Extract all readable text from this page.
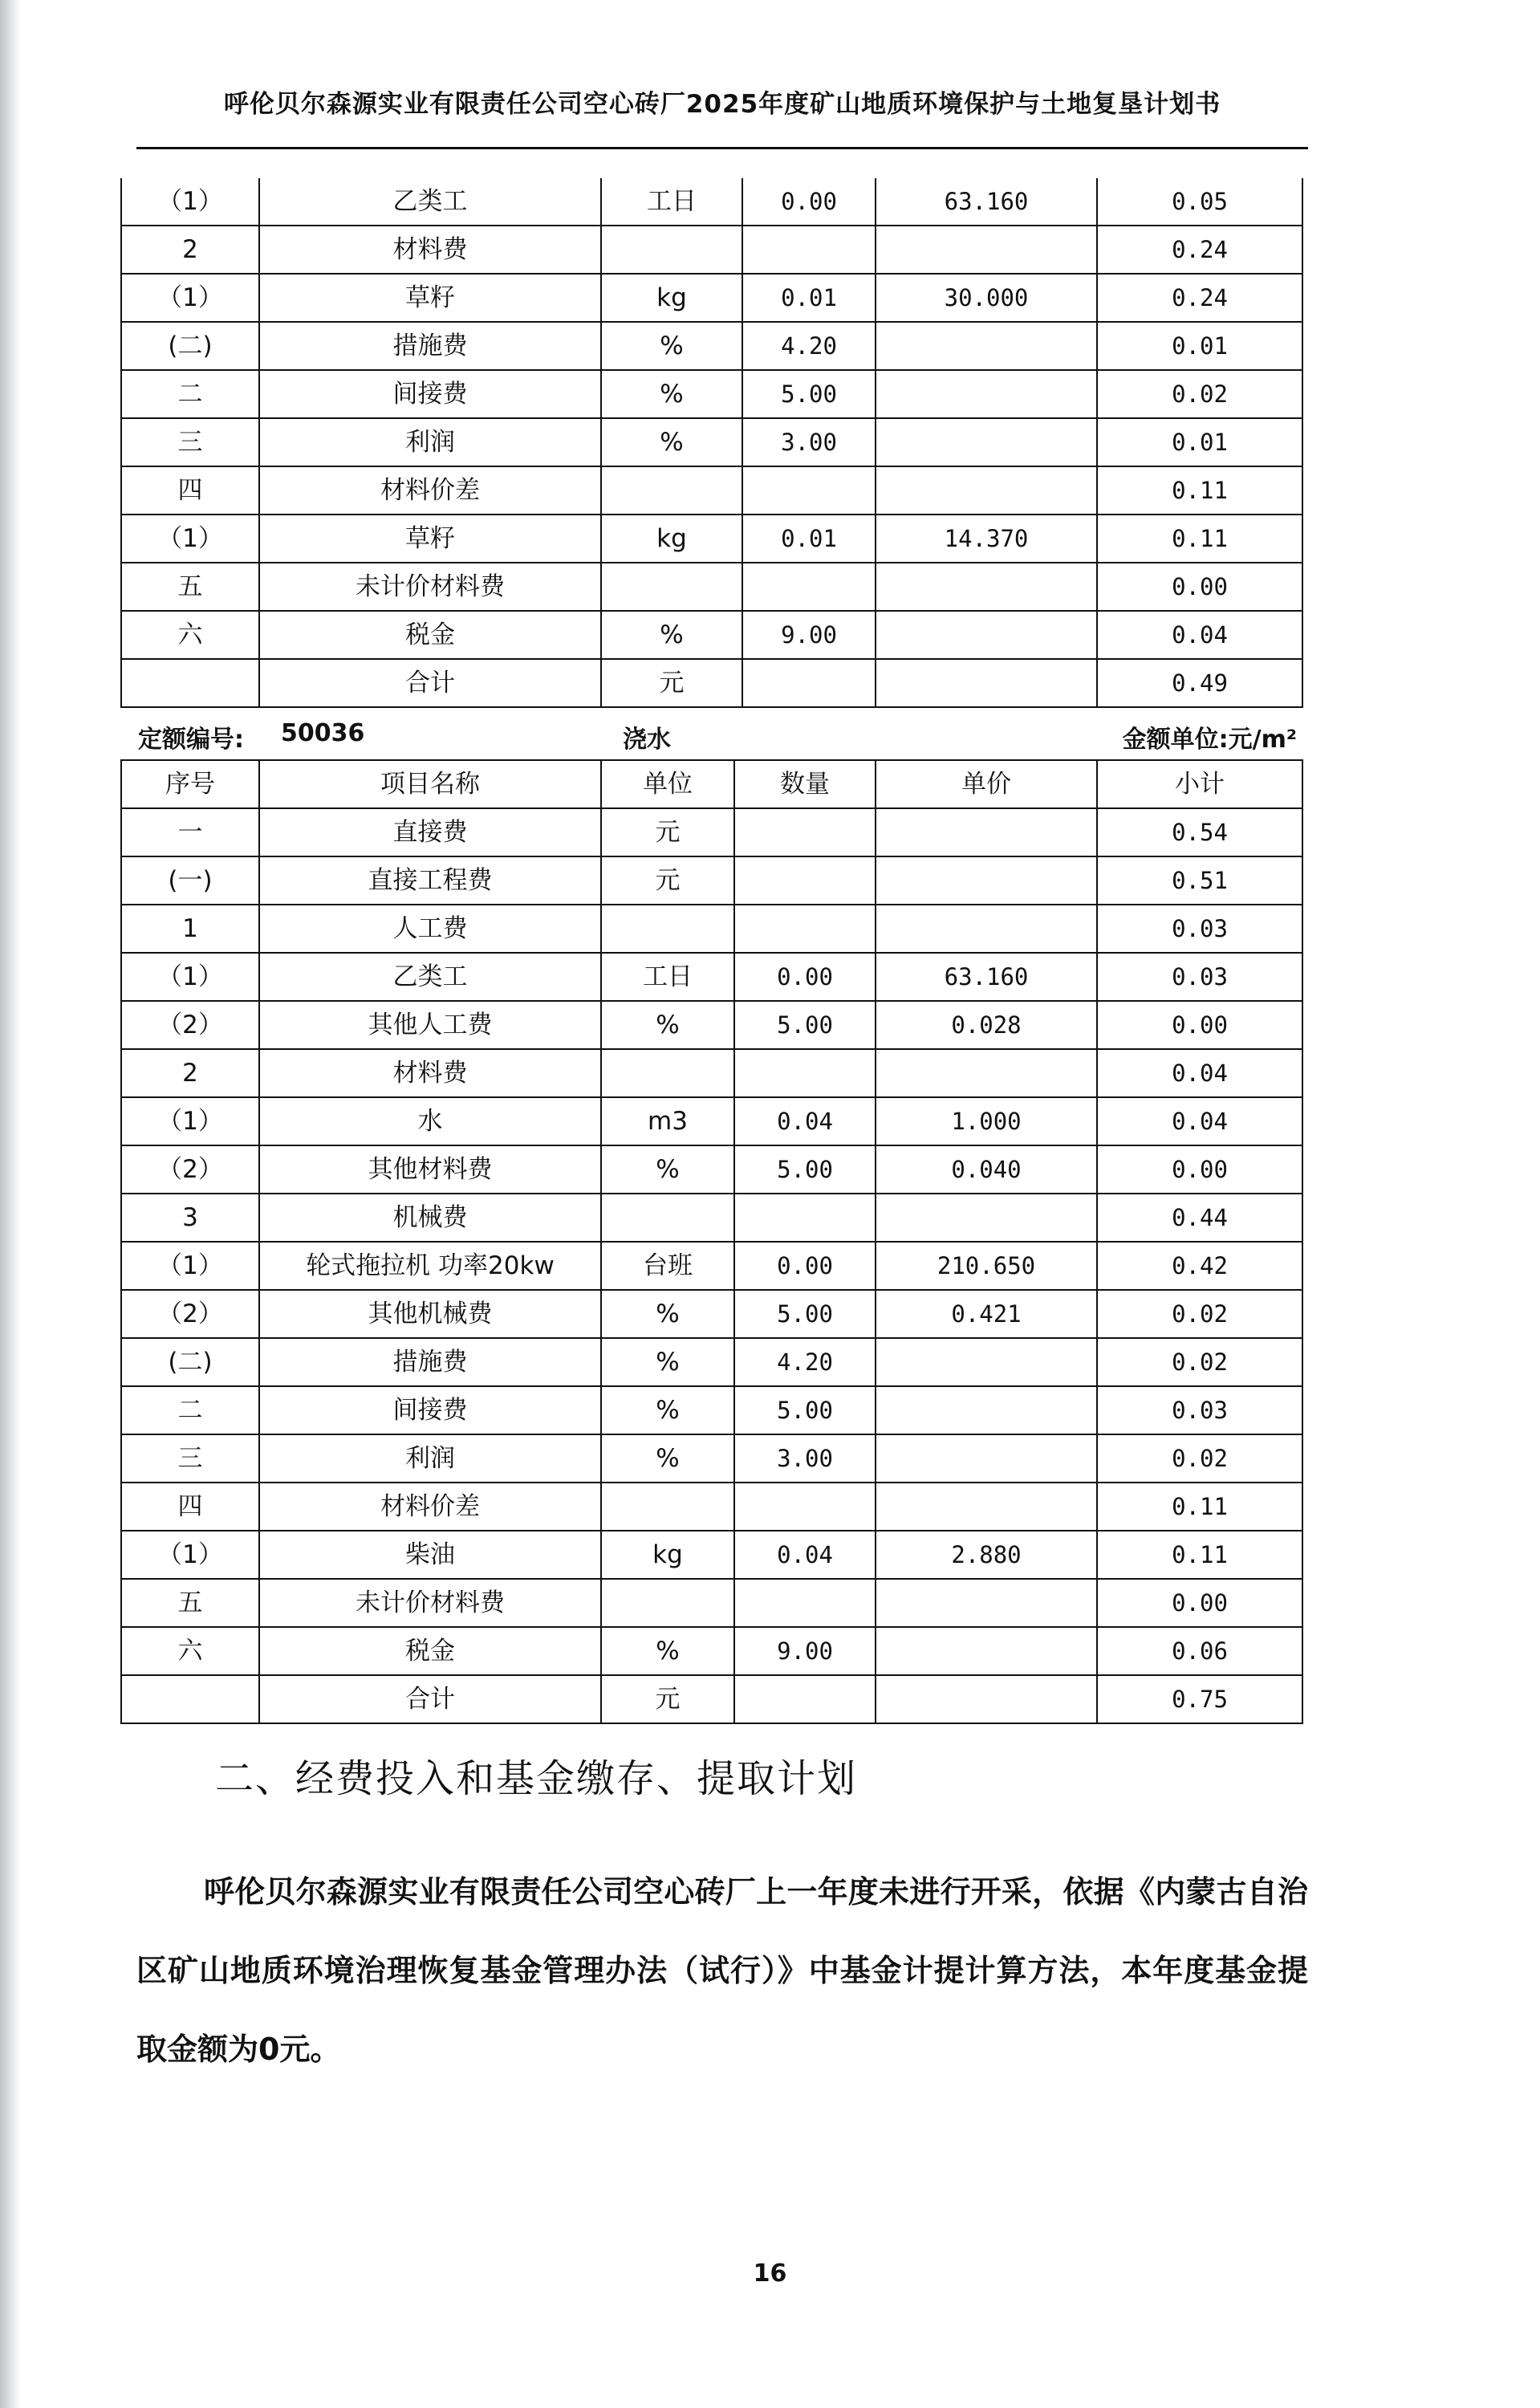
呼伦贝尔森源实业有限责任公司空心砖厂2025年度矿山地质环境保护与土地复垦计划书
（1）	乙类工	工日	0.00	63.160	0.05
2	材料费				0.24
（1）	草籽	kg	0.01	30.000	0.24
(二)	措施费	%	4.20		0.01
二	间接费	%	5.00		0.02
三	利润	%	3.00		0.01
四	材料价差				0.11
（1）	草籽	kg	0.01	14.370	0.11
五	未计价材料费				0.00
六	税金	%	9.00		0.04
	合计	元			0.49
定额编号: 50036	浇水	金额单位:元/m²
序号	项目名称	单位	数量	单价	小计
一	直接费	元			0.54
(一)	直接工程费	元			0.51
1	人工费				0.03
（1）	乙类工	工日	0.00	63.160	0.03
（2）	其他人工费	%	5.00	0.028	0.00
2	材料费				0.04
（1）	水	m3	0.04	1.000	0.04
（2）	其他材料费	%	5.00	0.040	0.00
3	机械费				0.44
（1）	轮式拖拉机 功率20kw	台班	0.00	210.650	0.42
（2）	其他机械费	%	5.00	0.421	0.02
(二)	措施费	%	4.20		0.02
二	间接费	%	5.00		0.03
三	利润	%	3.00		0.02
四	材料价差				0.11
（1）	柴油	kg	0.04	2.880	0.11
五	未计价材料费				0.00
六	税金	%	9.00		0.06
	合计	元			0.75
二、经费投入和基金缴存、提取计划
呼伦贝尔森源实业有限责任公司空心砖厂上一年度未进行开采，依据《内蒙古自治区矿山地质环境治理恢复基金管理办法（试行）》中基金计提计算方法，本年度基金提取金额为0元。
16
